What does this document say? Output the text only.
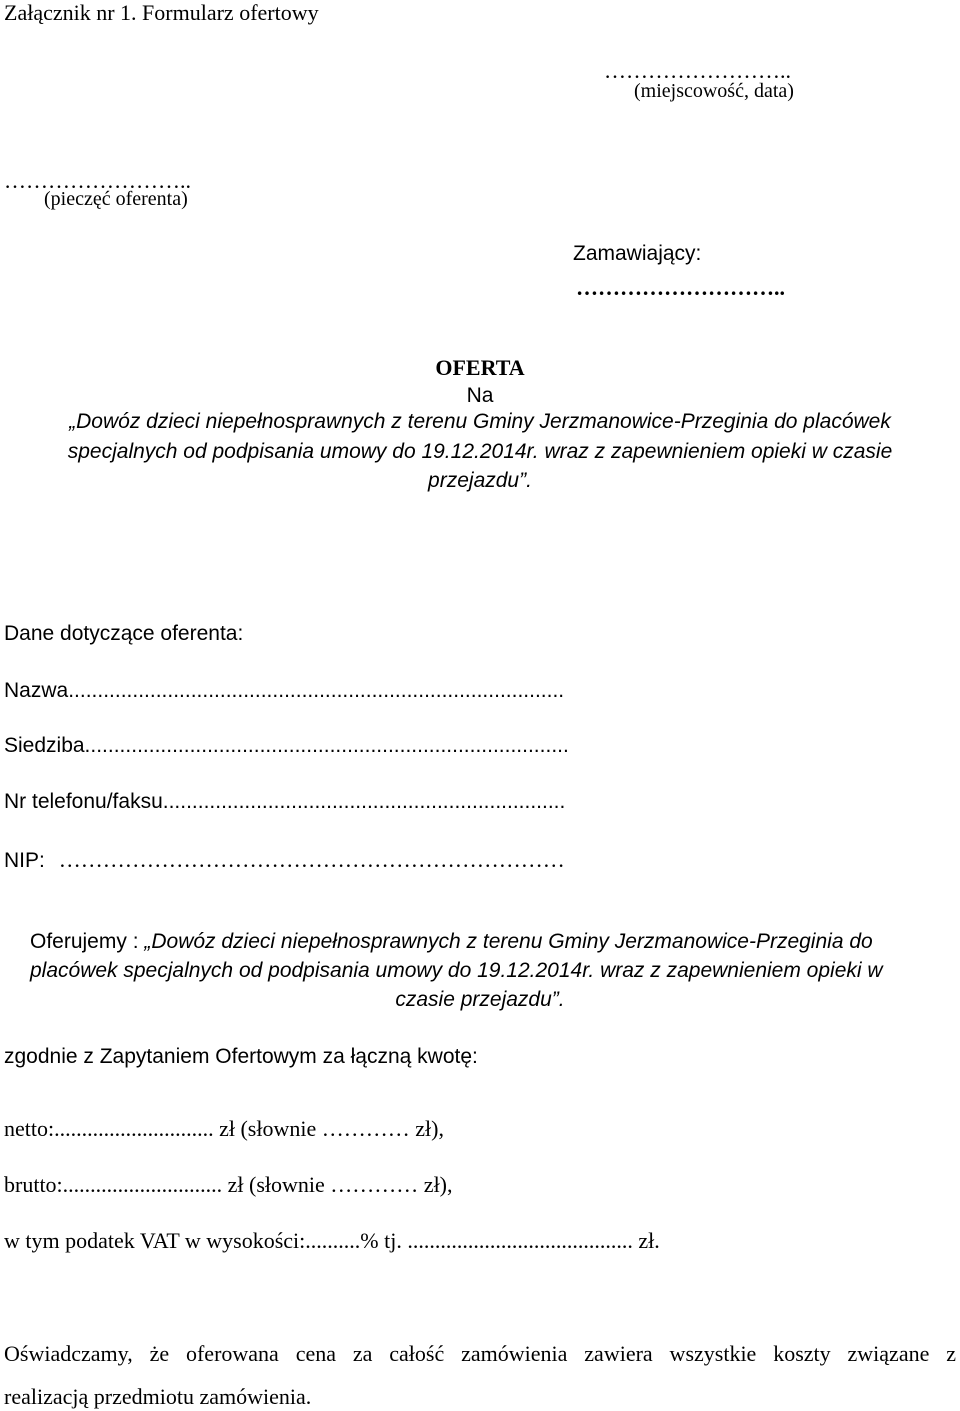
Załącznik nr 1. Formularz ofertowy
……………………..
(miejscowość, data)
……………………..
(pieczęć oferenta)
Zamawiający:
………………………..
OFERTA
Na
„Dowóz dzieci niepełnosprawnych z terenu Gminy Jerzmanowice-Przeginia do placówek
specjalnych od podpisania umowy do 19.12.2014r. wraz z zapewnieniem opieki w czasie
przejazdu”.
Dane dotyczące oferenta:
Nazwa.....................................................................................
Siedziba...................................................................................
Nr telefonu/faksu.....................................................................
NIP: ……………………………………………………………
Oferujemy : „Dowóz dzieci niepełnosprawnych z terenu Gminy Jerzmanowice-Przeginia do
placówek specjalnych od podpisania umowy do 19.12.2014r. wraz z zapewnieniem opieki w
czasie przejazdu”.
zgodnie z Zapytaniem Ofertowym za łączną kwotę:
netto:............................. zł (słownie ………… zł),
brutto:............................. zł (słownie ………… zł),
w tym podatek VAT w wysokości:..........% tj. ......................................... zł.
Oświadczamy, że oferowana cena za całość zamówienia zawiera wszystkie koszty związane z
realizacją przedmiotu zamówienia.
